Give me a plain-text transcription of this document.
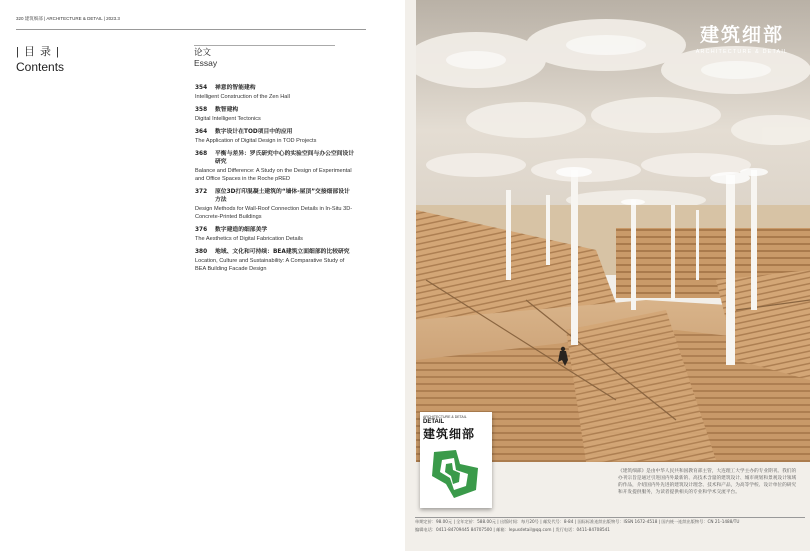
320 建筑细部 | ARCHITECTURE & DETAIL | 2023.3
| 目 录 |
Contents
论文
Essay
354	禅意的智能建构
Intelligent Construction of the Zen Hall
358	数智建构
Digital Intelligent Tectonics
364	数字设计在TOD项目中的应用
The Application of Digital Design in TOD Projects
368	平衡与差异：罗氏研究中心的实验空间与办公空间设计研究
Balance and Difference: A Study on the Design of Experimental and Office Spaces in the Roche pRED
372	原位3D打印混凝土建筑的“墙体-屋顶”交接细部设计方法
Design Methods for Wall-Roof Connection Details in In-Situ 3D-Concrete-Printed Buildings
376	数字建造的细部美学
The Aesthetics of Digital Fabrication Details
380	地域、文化和可持续：BEA建筑立面细部的比较研究
Location, Culture and Sustainability: A Comparative Study of BEA Building Facade Design
建筑细部
ARCHITECTURE & DETAIL
ARCHITECTURE & DETAIL
DETAIL
建筑细部
《建筑细部》是由中华人民共和国教育部主管，大连理工大学主办的专业期刊。我们的办刊宗旨是通过引进国内外最新的、高技术含量的建筑设计、城市规划和景观设计领域的作品，介绍国内外先进的建筑设计理念、技术和产品，为高等学校、设计单位的研究和开发提供服务，为读者提供相关的专业和学术交流平台。
单期定价：98.00元 | 全年定价：588.00元 | 出版时间：每月20号 | 邮发代号：8-84 | 国际标准连续出版物号：ISSN 1672-4518 | 国内统一连续出版物号：CN 21-1488/TU
编辑电话：0411-84709445 84707500 | 邮箱：lepusdetail@qq.com | 发行电话：0411-84708541
